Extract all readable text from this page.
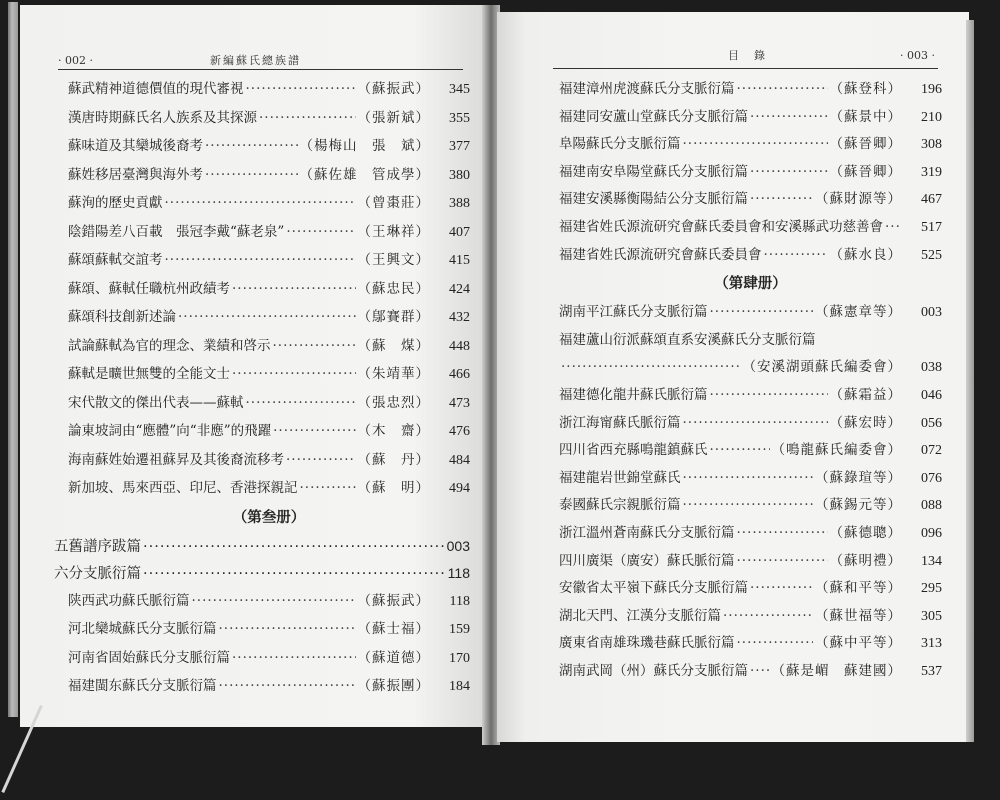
· 002 ·	新編蘇氏總族譜
蘇武精神道德價值的現代審視 ·····	（蘇振武）	345
漢唐時期蘇氏名人族系及其探源 ·····	（張新斌）	355
蘇味道及其欒城後裔考 ·····	（楊梅山　張　斌）	377
蘇姓移居臺灣與海外考 ·····	（蘇佐雄　管成學）	380
蘇洵的歷史貢獻 ·····	（曾棗莊）	388
陰錯陽差八百載　張冠李戴“蘇老泉” ·····	（王琳祥）	407
蘇頌蘇軾交誼考 ·····	（王興文）	415
蘇頌、蘇軾任職杭州政績考 ·····	（蘇忠民）	424
蘇頌科技創新述論 ·····	（鄔賽群）	432
試論蘇軾為官的理念、業績和啓示 ·····	（蘇　煤）	448
蘇軾是曠世無雙的全能文士 ·····	（朱靖華）	466
宋代散文的傑出代表——蘇軾 ·····	（張忠烈）	473
論東坡詞由“應體”向“非應”的飛躍 ·····	（木　齋）	476
海南蘇姓始遷祖蘇昇及其後裔流移考 ·····	（蘇　丹）	484
新加坡、馬來西亞、印尼、香港探親記 ·····	（蘇　明）	494
（第叁册）
五 舊譜序跋篇 ·····	003
六 分支脈衍篇 ·····	118
陕西武功蘇氏脈衍篇 ·····	（蘇振武）	118
河北欒城蘇氏分支脈衍篇 ·····	（蘇士福）	159
河南省固始蘇氏分支脈衍篇 ·····	（蘇道德）	170
福建閩东蘇氏分支脈衍篇 ·····	（蘇振團）	184
目　錄	· 003 ·
福建漳州虎渡蘇氏分支脈衍篇 ·····	（蘇登科）	196
福建同安蘆山堂蘇氏分支脈衍篇 ·····	（蘇景中）	210
阜陽蘇氏分支脈衍篇 ·····	（蘇晉卿）	308
福建南安阜陽堂蘇氏分支脈衍篇 ·····	（蘇晉卿）	319
福建安溪縣衡陽結公分支脈衍篇 ·····	（蘇財源等）	467
福建省姓氏源流研究會蘇氏委員會和安溪縣武功慈善會 ·····	517
福建省姓氏源流研究會蘇氏委員會 ·····	（蘇水良）	525
（第肆册）
湖南平江蘇氏分支脈衍篇 ·····	（蘇憲章等）	003
福建蘆山衍派蘇頌直系安溪蘇氏分支脈衍篇
·····
（安溪湖頭蘇氏編委會）	038
福建德化龍井蘇氏脈衍篇 ·····	（蘇霜益）	046
浙江海甯蘇氏脈衍篇 ·····	（蘇宏時）	056
四川省西充縣鳴龍鎮蘇氏 ·····	（鳴龍蘇氏編委會）	072
福建龍岩世錦堂蘇氏 ·····	（蘇錄瑄等）	076
泰國蘇氏宗親脈衍篇 ·····	（蘇錫元等）	088
浙江溫州蒼南蘇氏分支脈衍篇 ·····	（蘇德聰）	096
四川廣渠（廣安）蘇氏脈衍篇 ·····	（蘇明禮）	134
安徽省太平嶺下蘇氏分支脈衍篇 ·····	（蘇和平等）	295
湖北天門、江漢分支脈衍篇 ·····	（蘇世福等）	305
廣東省南雄珠璣巷蘇氏脈衍篇 ·····	（蘇中平等）	313
湖南武岡（州）蘇氏分支脈衍篇 ····· （蘇是嵋　蘇建國）	537
